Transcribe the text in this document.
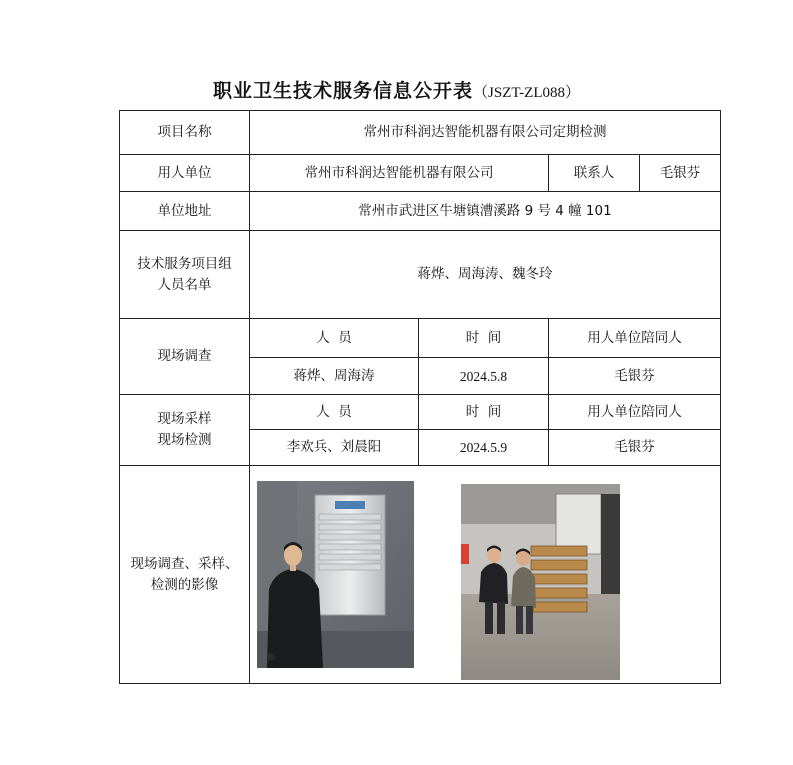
职业卫生技术服务信息公开表（JSZT-ZL088）
项目名称	常州市科润达智能机器有限公司定期检测			
用人单位	常州市科润达智能机器有限公司		联系人	毛银芬
单位地址	常州市武进区牛塘镇漕溪路 9 号 4 幢 101			

技术服务项目组
人员名单	蒋烨、周海涛、魏冬玲			
现场调查	人  员	时  间	用人单位陪同人	
	蒋烨、周海涛	2024.5.8	毛银芬	

现场采样
现场检测	人  员	时  间	用人单位陪同人	
	李欢兵、刘晨阳	2024.5.9	毛银芬	

现场调查、采样、
检测的影像
